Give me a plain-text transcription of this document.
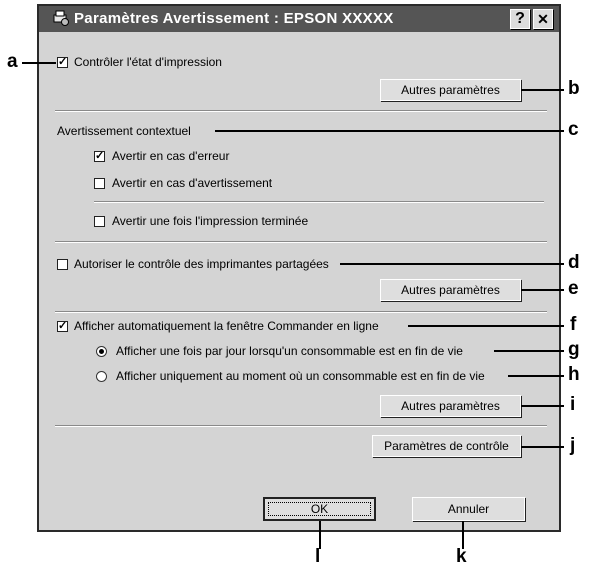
Paramètres Avertissement : EPSON XXXXX	? ✕
✓ Contrôler l'état d'impression
Autres paramètres
Avertissement contextuel
✓ Avertir en cas d'erreur
Avertir en cas d'avertissement
Avertir une fois l'impression terminée
Autoriser le contrôle des imprimantes partagées
Autres paramètres
✓ Afficher automatiquement la fenêtre Commander en ligne
Afficher une fois par jour lorsqu'un consommable est en fin de vie
Afficher uniquement au moment où un consommable est en fin de vie
Autres paramètres
Paramètres de contrôle
OK	Annuler
a
b
c
d
e
f
g
h
i
j
k
l
